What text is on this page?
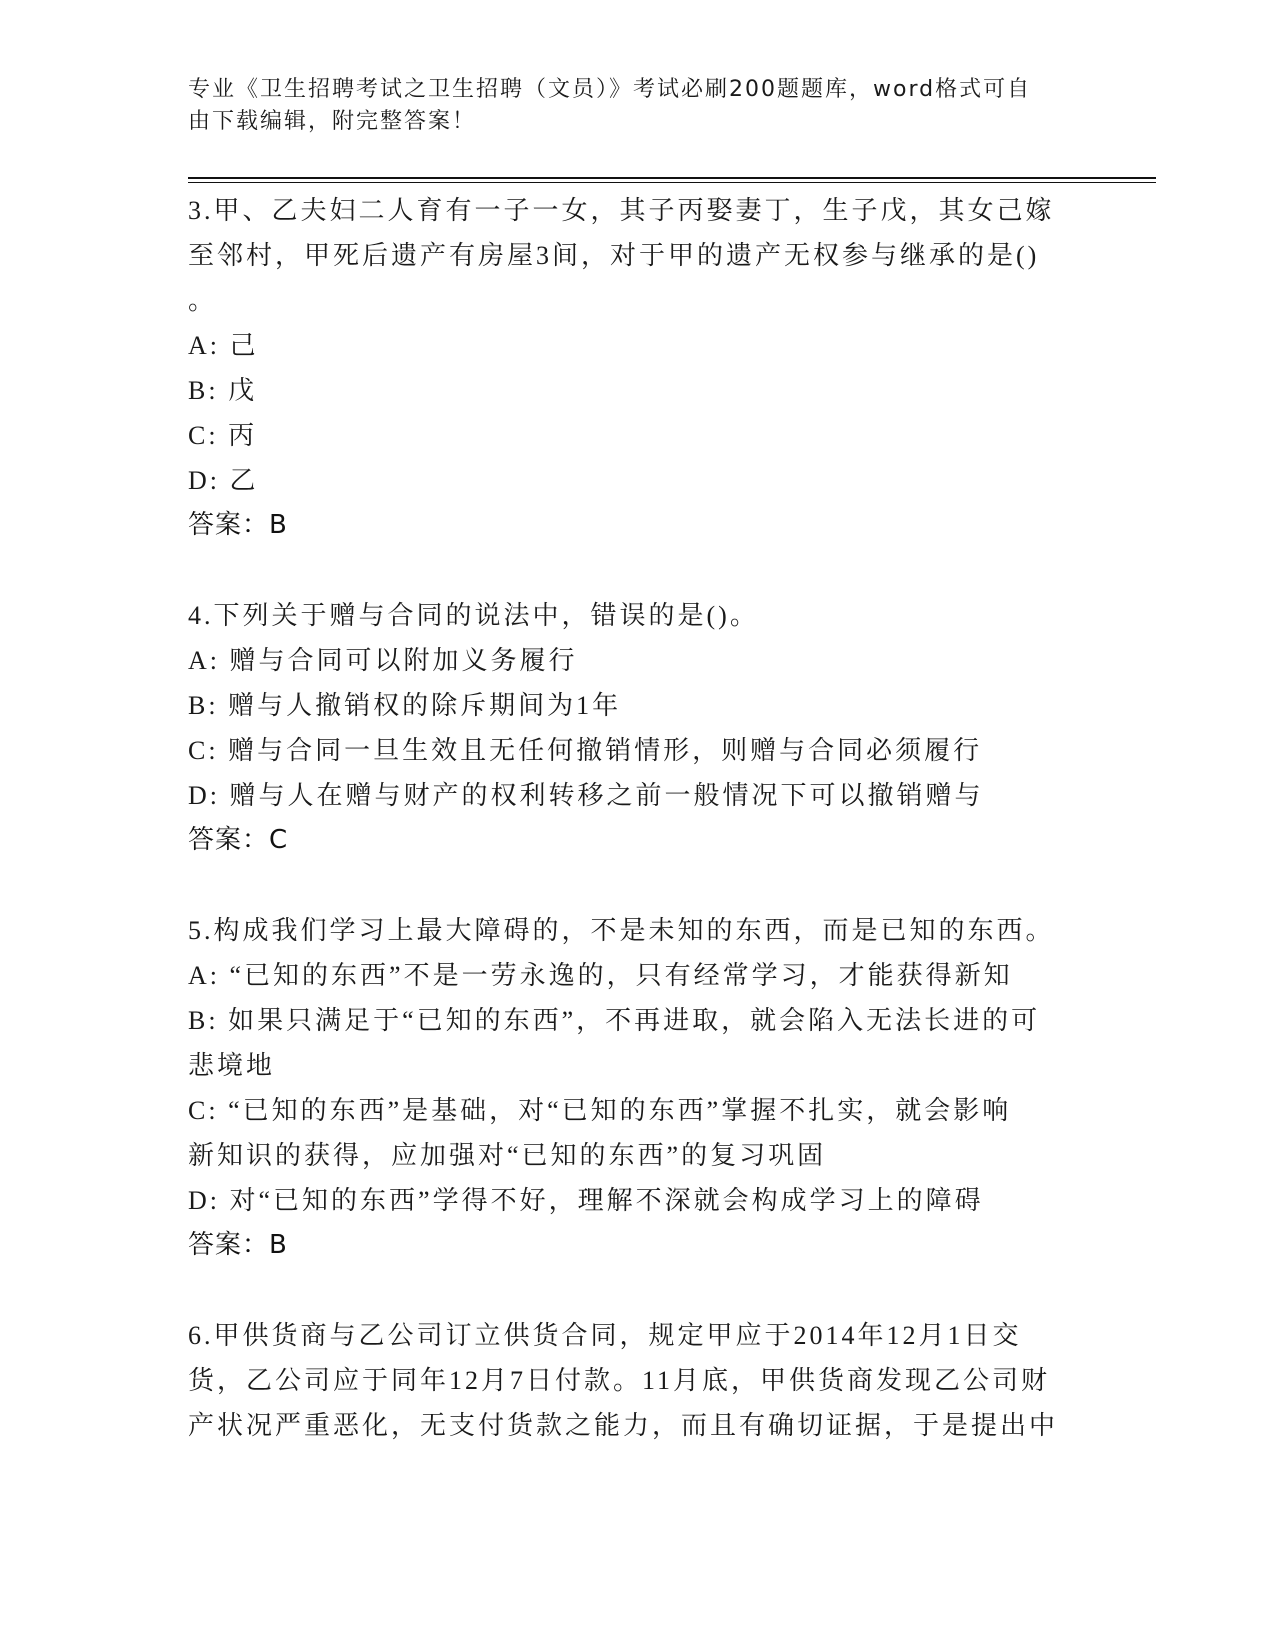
专业《卫生招聘考试之卫生招聘（文员）》考试必刷200题题库，word格式可自
由下载编辑，附完整答案！
3.甲、乙夫妇二人育有一子一女，其子丙娶妻丁，生子戊，其女己嫁
至邻村，甲死后遗产有房屋3间，对于甲的遗产无权参与继承的是()
。
A: 己
B: 戊
C: 丙
D: 乙
答案：B
4.下列关于赠与合同的说法中，错误的是()。
A: 赠与合同可以附加义务履行
B: 赠与人撤销权的除斥期间为1年
C: 赠与合同一旦生效且无任何撤销情形，则赠与合同必须履行
D: 赠与人在赠与财产的权利转移之前一般情况下可以撤销赠与
答案：C
5.构成我们学习上最大障碍的，不是未知的东西，而是已知的东西。
A: “已知的东西”不是一劳永逸的，只有经常学习，才能获得新知
B: 如果只满足于“已知的东西”，不再进取，就会陷入无法长进的可
悲境地
C: “已知的东西”是基础，对“已知的东西”掌握不扎实，就会影响
新知识的获得，应加强对“已知的东西”的复习巩固
D: 对“已知的东西”学得不好，理解不深就会构成学习上的障碍
答案：B
6.甲供货商与乙公司订立供货合同，规定甲应于2014年12月1日交
货，乙公司应于同年12月7日付款。11月底，甲供货商发现乙公司财
产状况严重恶化，无支付货款之能力，而且有确切证据，于是提出中
